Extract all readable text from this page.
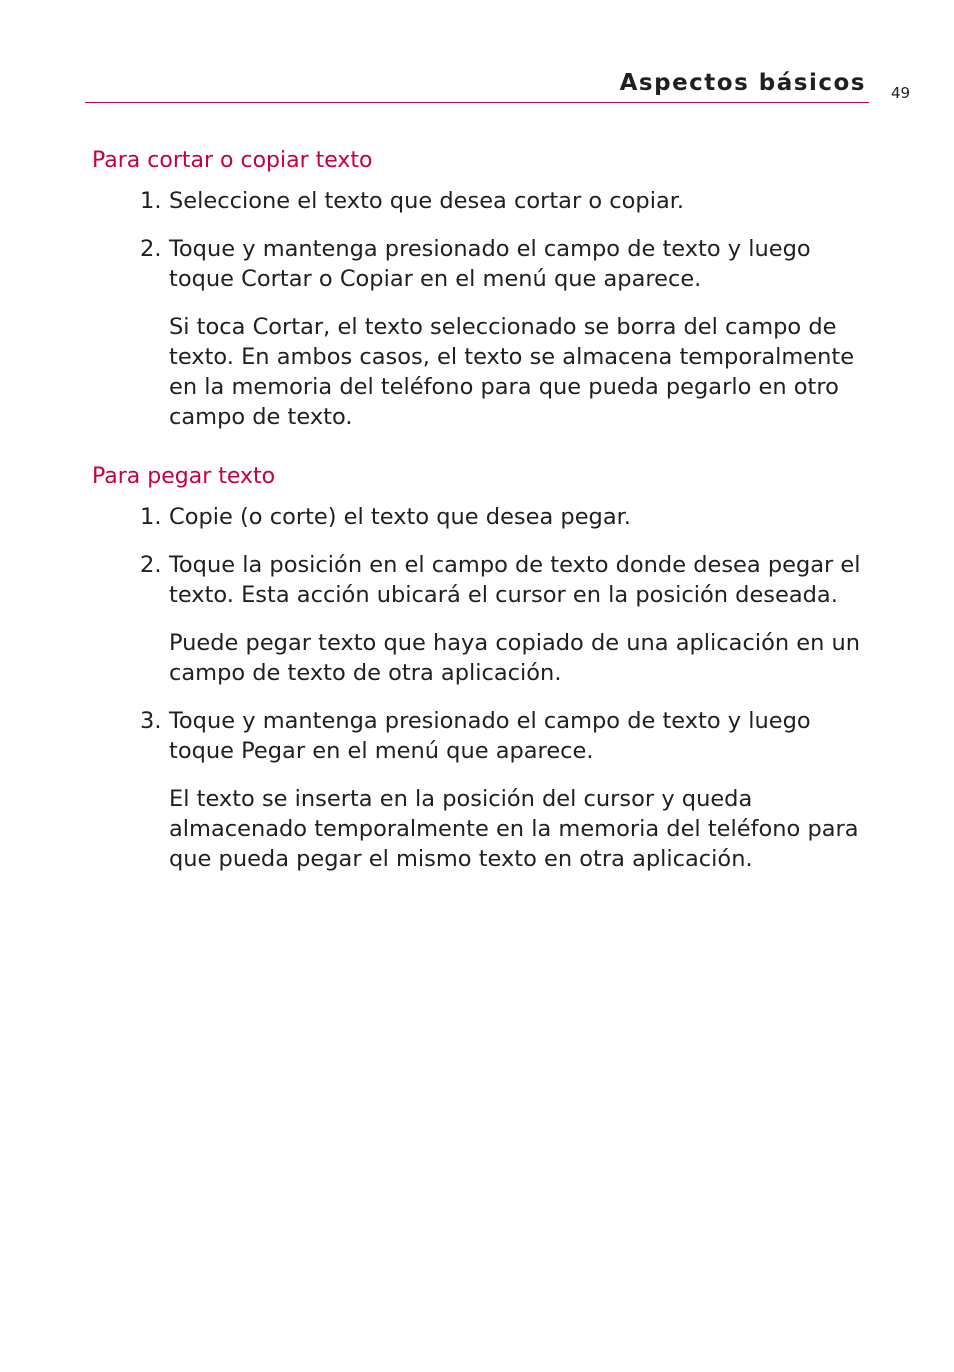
Aspectos básicos 49
Para cortar o copiar texto
1. Seleccione el texto que desea cortar o copiar.

2. Toque y mantenga presionado el campo de texto y luego toque Cortar o Copiar en el menú que aparece.

Si toca Cortar, el texto seleccionado se borra del campo de texto. En ambos casos, el texto se almacena temporalmente en la memoria del teléfono para que pueda pegarlo en otro campo de texto.

Para pegar texto
1. Copie (o corte) el texto que desea pegar.

2. Toque la posición en el campo de texto donde desea pegar el texto. Esta acción ubicará el cursor en la posición deseada.

Puede pegar texto que haya copiado de una aplicación en un campo de texto de otra aplicación.

3. Toque y mantenga presionado el campo de texto y luego toque Pegar en el menú que aparece.

El texto se inserta en la posición del cursor y queda almacenado temporalmente en la memoria del teléfono para que pueda pegar el mismo texto en otra aplicación.
